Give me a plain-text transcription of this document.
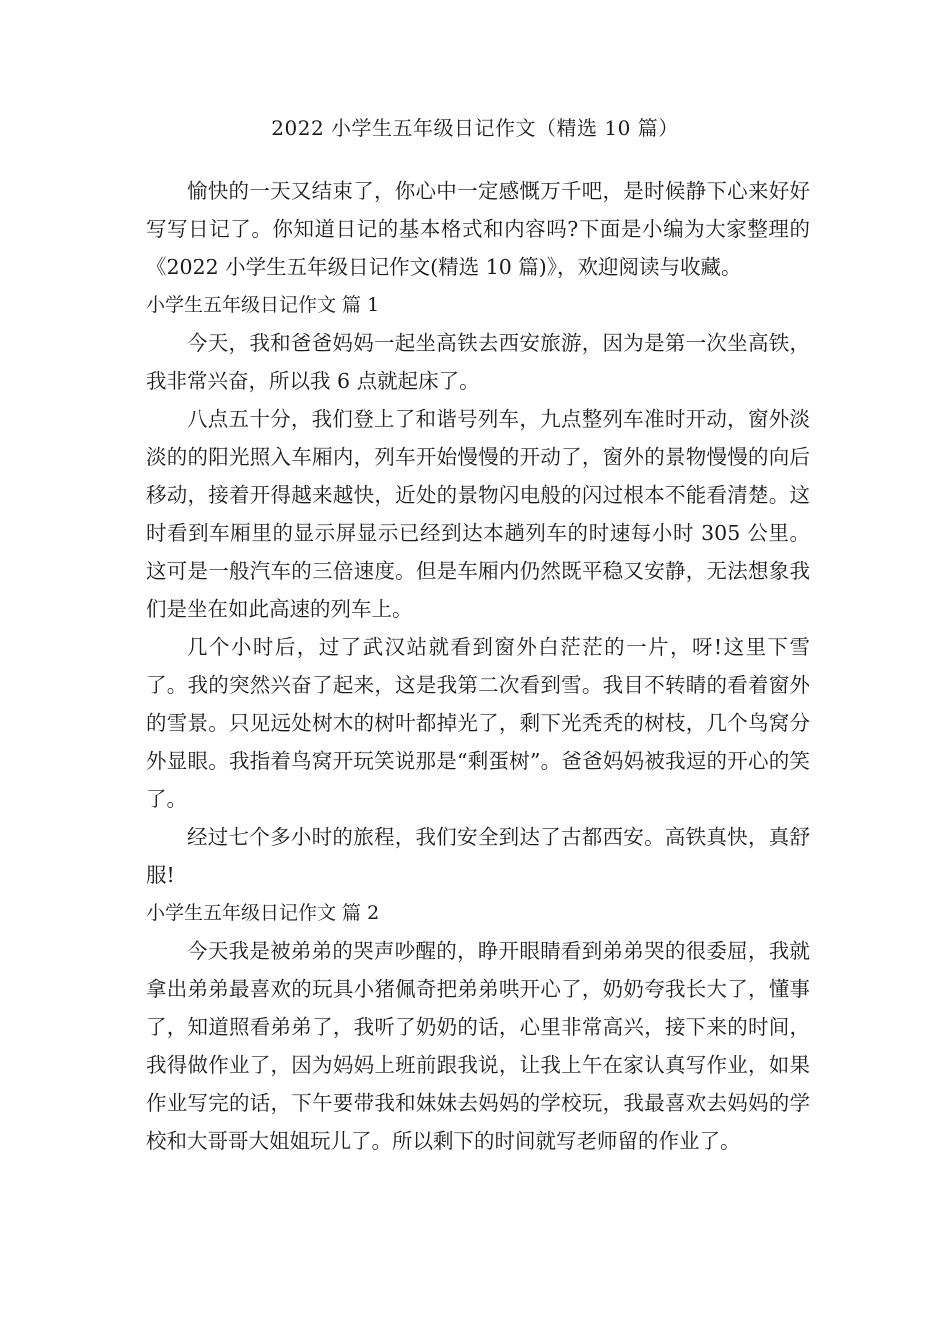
2022 小学生五年级日记作文（精选 10 篇）

愉快的一天又结束了，你心中一定感慨万千吧，是时候静下心来好好写写日记了。你知道日记的基本格式和内容吗?下面是小编为大家整理的《2022 小学生五年级日记作文(精选 10 篇)》，欢迎阅读与收藏。

小学生五年级日记作文 篇 1

今天，我和爸爸妈妈一起坐高铁去西安旅游，因为是第一次坐高铁，我非常兴奋，所以我 6 点就起床了。

八点五十分，我们登上了和谐号列车，九点整列车准时开动，窗外淡淡的的阳光照入车厢内，列车开始慢慢的开动了，窗外的景物慢慢的向后移动，接着开得越来越快，近处的景物闪电般的闪过根本不能看清楚。这时看到车厢里的显示屏显示已经到达本趟列车的时速每小时 305 公里。这可是一般汽车的三倍速度。但是车厢内仍然既平稳又安静，无法想象我们是坐在如此高速的列车上。

几个小时后，过了武汉站就看到窗外白茫茫的一片，呀!这里下雪了。我的突然兴奋了起来，这是我第二次看到雪。我目不转睛的看着窗外的雪景。只见远处树木的树叶都掉光了，剩下光秃秃的树枝，几个鸟窝分外显眼。我指着鸟窝开玩笑说那是“剩蛋树”。爸爸妈妈被我逗的开心的笑了。

经过七个多小时的旅程，我们安全到达了古都西安。高铁真快，真舒服!

小学生五年级日记作文 篇 2

今天我是被弟弟的哭声吵醒的，睁开眼睛看到弟弟哭的很委屈，我就拿出弟弟最喜欢的玩具小猪佩奇把弟弟哄开心了，奶奶夸我长大了，懂事了，知道照看弟弟了，我听了奶奶的话，心里非常高兴，接下来的时间，我得做作业了，因为妈妈上班前跟我说，让我上午在家认真写作业，如果作业写完的话，下午要带我和妹妹去妈妈的学校玩，我最喜欢去妈妈的学校和大哥哥大姐姐玩儿了。所以剩下的时间就写老师留的作业了。
